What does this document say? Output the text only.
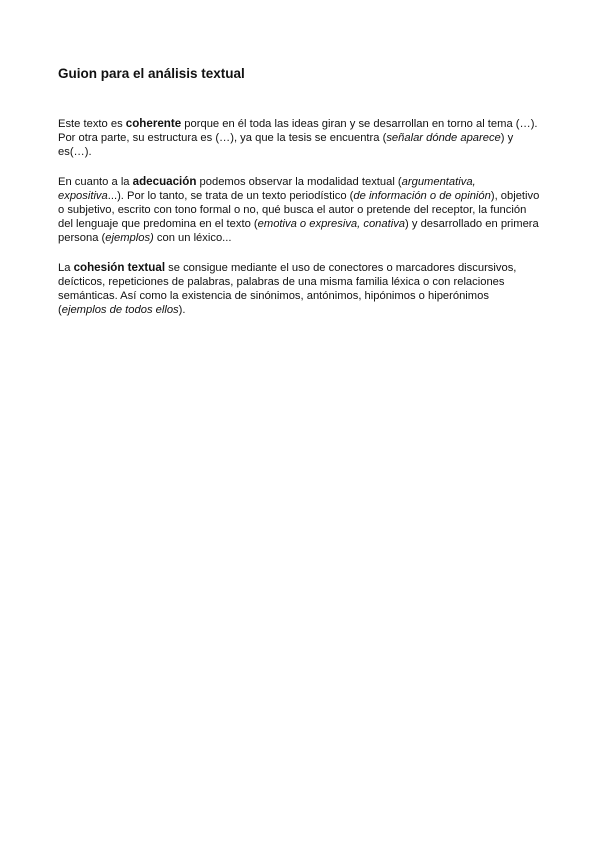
Guion para el análisis textual

Este texto es coherente porque en él toda las ideas giran y se desarrollan en torno al tema (…). Por otra parte, su estructura es (…), ya que la tesis se encuentra (señalar dónde aparece) y es(…).

En cuanto a la adecuación podemos observar la modalidad textual (argumentativa, expositiva...). Por lo tanto, se trata de un texto periodístico (de información o de opinión), objetivo o subjetivo, escrito con tono formal o no, qué busca el autor o pretende del receptor, la función del lenguaje que predomina en el texto (emotiva o expresiva, conativa) y desarrollado en primera persona (ejemplos) con un léxico...

La cohesión textual se consigue mediante el uso de conectores o marcadores discursivos, deícticos, repeticiones de palabras, palabras de una misma familia léxica o con relaciones semánticas. Así como la existencia de sinónimos, antónimos, hipónimos o hiperónimos (ejemplos de todos ellos).
